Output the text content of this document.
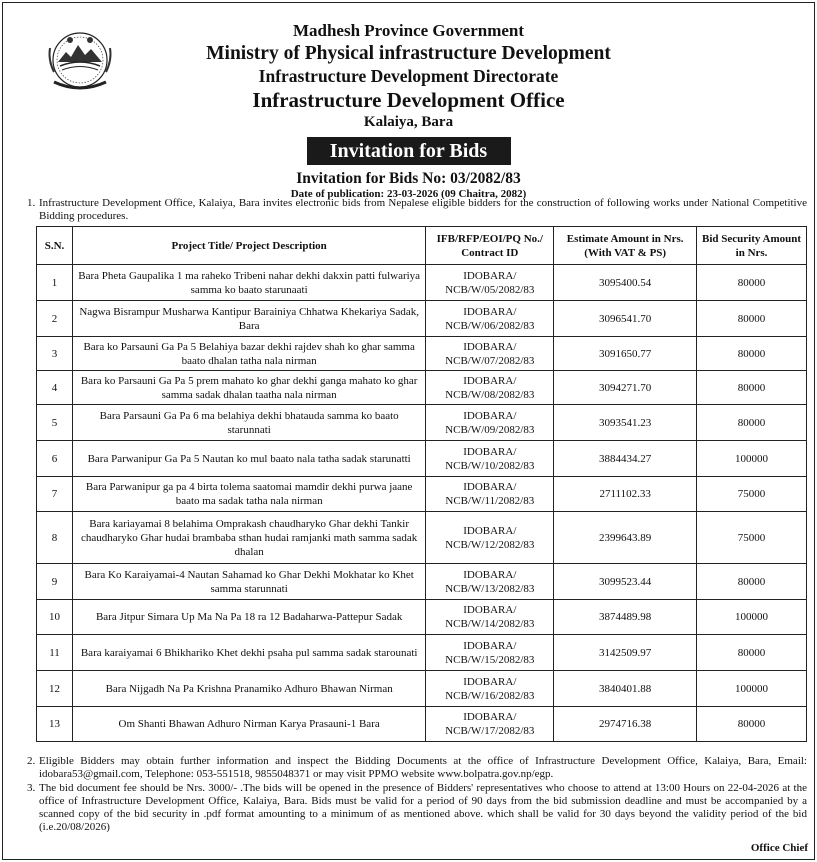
Madhesh Province Government
Ministry of Physical infrastructure Development
Infrastructure Development Directorate
Infrastructure Development Office
Kalaiya, Bara
Invitation for Bids
Invitation for Bids No: 03/2082/83
Date of publication: 23-03-2026 (09 Chaitra, 2082)
1. Infrastructure Development Office, Kalaiya, Bara invites electronic bids from Nepalese eligible bidders for the construction of following works under National Competitive Bidding procedures.
S.N.	Project Title/ Project Description	IFB/RFP/EOI/PQ No./ Contract ID	Estimate Amount in Nrs. (With VAT & PS)	Bid Security Amount in Nrs.
1	Bara Pheta Gaupalika 1 ma raheko Tribeni nahar dekhi dakxin patti fulwariya samma ko baato starunaati	IDOBARA/ NCB/W/05/2082/83	3095400.54	80000
2	Nagwa Bisrampur Musharwa Kantipur Barainiya Chhatwa Khekariya Sadak, Bara	IDOBARA/ NCB/W/06/2082/83	3096541.70	80000
3	Bara ko Parsauni Ga Pa 5 Belahiya bazar dekhi rajdev shah ko ghar samma baato dhalan tatha nala nirman	IDOBARA/ NCB/W/07/2082/83	3091650.77	80000
4	Bara ko Parsauni Ga Pa 5 prem mahato ko ghar dekhi ganga mahato ko ghar samma sadak dhalan taatha nala nirman	IDOBARA/ NCB/W/08/2082/83	3094271.70	80000
5	Bara Parsauni Ga Pa 6 ma belahiya dekhi bhatauda samma ko baato starunnati	IDOBARA/ NCB/W/09/2082/83	3093541.23	80000
6	Bara Parwanipur Ga Pa 5 Nautan ko mul baato nala tatha sadak starunatti	IDOBARA/ NCB/W/10/2082/83	3884434.27	100000
7	Bara Parwanipur ga pa 4 birta tolema saatomai mamdir dekhi purwa jaane baato ma sadak tatha nala nirman	IDOBARA/ NCB/W/11/2082/83	2711102.33	75000
8	Bara kariayamai 8 belahima Omprakash chaudharyko Ghar dekhi Tankir chaudharyko Ghar hudai brambaba sthan hudai ramjanki math samma sadak dhalan	IDOBARA/ NCB/W/12/2082/83	2399643.89	75000
9	Bara Ko Karaiyamai-4 Nautan Sahamad ko Ghar Dekhi Mokhatar ko Khet samma starunnati	IDOBARA/ NCB/W/13/2082/83	3099523.44	80000
10	Bara Jitpur Simara Up Ma Na Pa 18 ra 12 Badaharwa-Pattepur Sadak	IDOBARA/ NCB/W/14/2082/83	3874489.98	100000
11	Bara karaiyamai 6 Bhikhariko Khet dekhi psaha pul samma sadak starounati	IDOBARA/ NCB/W/15/2082/83	3142509.97	80000
12	Bara Nijgadh Na Pa Krishna Pranamiko Adhuro Bhawan Nirman	IDOBARA/ NCB/W/16/2082/83	3840401.88	100000
13	Om Shanti Bhawan Adhuro Nirman Karya Prasauni-1 Bara	IDOBARA/ NCB/W/17/2082/83	2974716.38	80000
2. Eligible Bidders may obtain further information and inspect the Bidding Documents at the office of Infrastructure Development Office, Kalaiya, Bara, Email: idobara53@gmail.com, Telephone: 053-551518, 9855048371 or may visit PPMO website www.bolpatra.gov.np/egp.
3. The bid document fee should be Nrs. 3000/- .The bids will be opened in the presence of Bidders' representatives who choose to attend at 13:00 Hours on 22-04-2026 at the office of Infrastructure Development Office, Kalaiya, Bara. Bids must be valid for a period of 90 days from the bid submission deadline and must be accompanied by a scanned copy of the bid security in .pdf format amounting to a minimum of as mentioned above. which shall be valid for 30 days beyond the validity period of the bid (i.e.20/08/2026)
Office Chief
